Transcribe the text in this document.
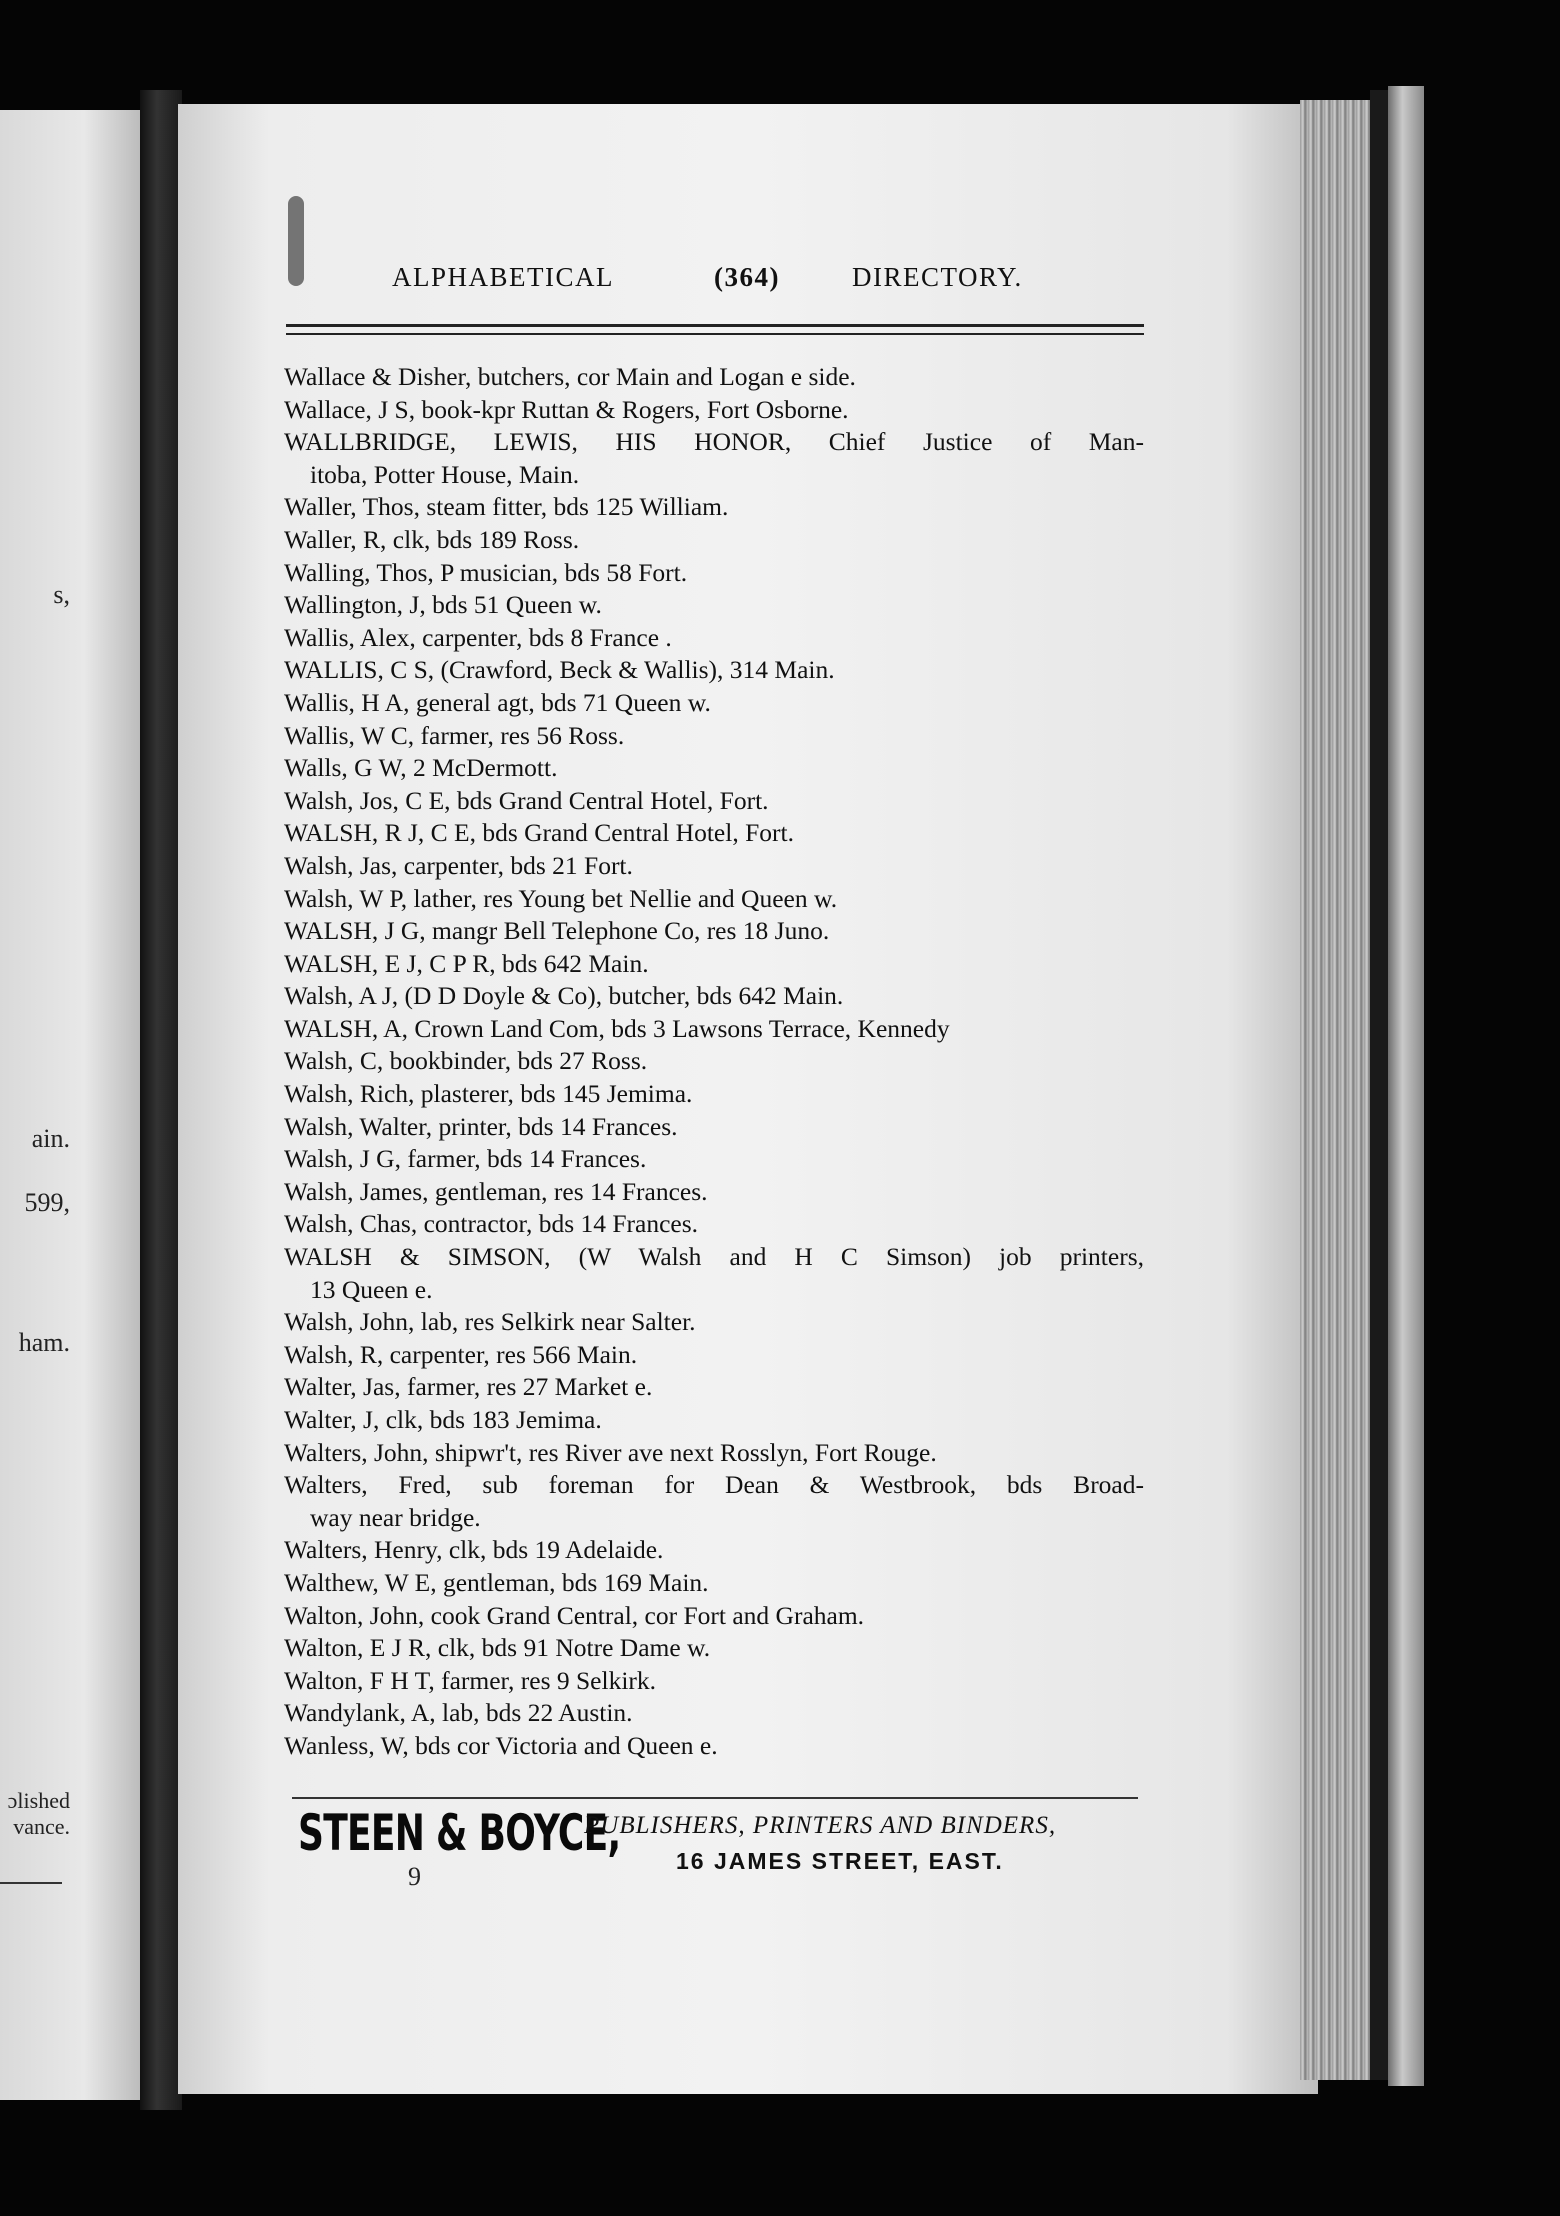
s,
ain.
599,
ham.
ɔlished
vance.
ALPHABETICAL	(364)	DIRECTORY.
Wallace & Disher, butchers, cor Main and Logan e side.
Wallace, J S, book-kpr Ruttan & Rogers, Fort Osborne.
WALLBRIDGE, LEWIS, HIS HONOR, Chief Justice of Man-
itoba, Potter House, Main.
Waller, Thos, steam fitter, bds 125 William.
Waller, R, clk, bds 189 Ross.
Walling, Thos, P musician, bds 58 Fort.
Wallington, J, bds 51 Queen w.
Wallis, Alex, carpenter, bds 8 France .
WALLIS, C S, (Crawford, Beck & Wallis), 314 Main.
Wallis, H A, general agt, bds 71 Queen w.
Wallis, W C, farmer, res 56 Ross.
Walls, G W, 2 McDermott.
Walsh, Jos, C E, bds Grand Central Hotel, Fort.
WALSH, R J, C E, bds Grand Central Hotel, Fort.
Walsh, Jas, carpenter, bds 21 Fort.
Walsh, W P, lather, res Young bet Nellie and Queen w.
WALSH, J G, mangr Bell Telephone Co, res 18 Juno.
WALSH, E J, C P R, bds 642 Main.
Walsh, A J, (D D Doyle & Co), butcher, bds 642 Main.
WALSH, A, Crown Land Com, bds 3 Lawsons Terrace, Kennedy
Walsh, C, bookbinder, bds 27 Ross.
Walsh, Rich, plasterer, bds 145 Jemima.
Walsh, Walter, printer, bds 14 Frances.
Walsh, J G, farmer, bds 14 Frances.
Walsh, James, gentleman, res 14 Frances.
Walsh, Chas, contractor, bds 14 Frances.
WALSH & SIMSON, (W Walsh and H C Simson) job printers,
13 Queen e.
Walsh, John, lab, res Selkirk near Salter.
Walsh, R, carpenter, res 566 Main.
Walter, Jas, farmer, res 27 Market e.
Walter, J, clk, bds 183 Jemima.
Walters, John, shipwr't, res River ave next Rosslyn, Fort Rouge.
Walters, Fred, sub foreman for Dean & Westbrook, bds Broad-
way near bridge.
Walters, Henry, clk, bds 19 Adelaide.
Walthew, W E, gentleman, bds 169 Main.
Walton, John, cook Grand Central, cor Fort and Graham.
Walton, E J R, clk, bds 91 Notre Dame w.
Walton, F H T, farmer, res 9 Selkirk.
Wandylank, A, lab, bds 22 Austin.
Wanless, W, bds cor Victoria and Queen e.
STEEN & BOYCE,
PUBLISHERS, PRINTERS AND BINDERS,
16 JAMES STREET, EAST.
9
